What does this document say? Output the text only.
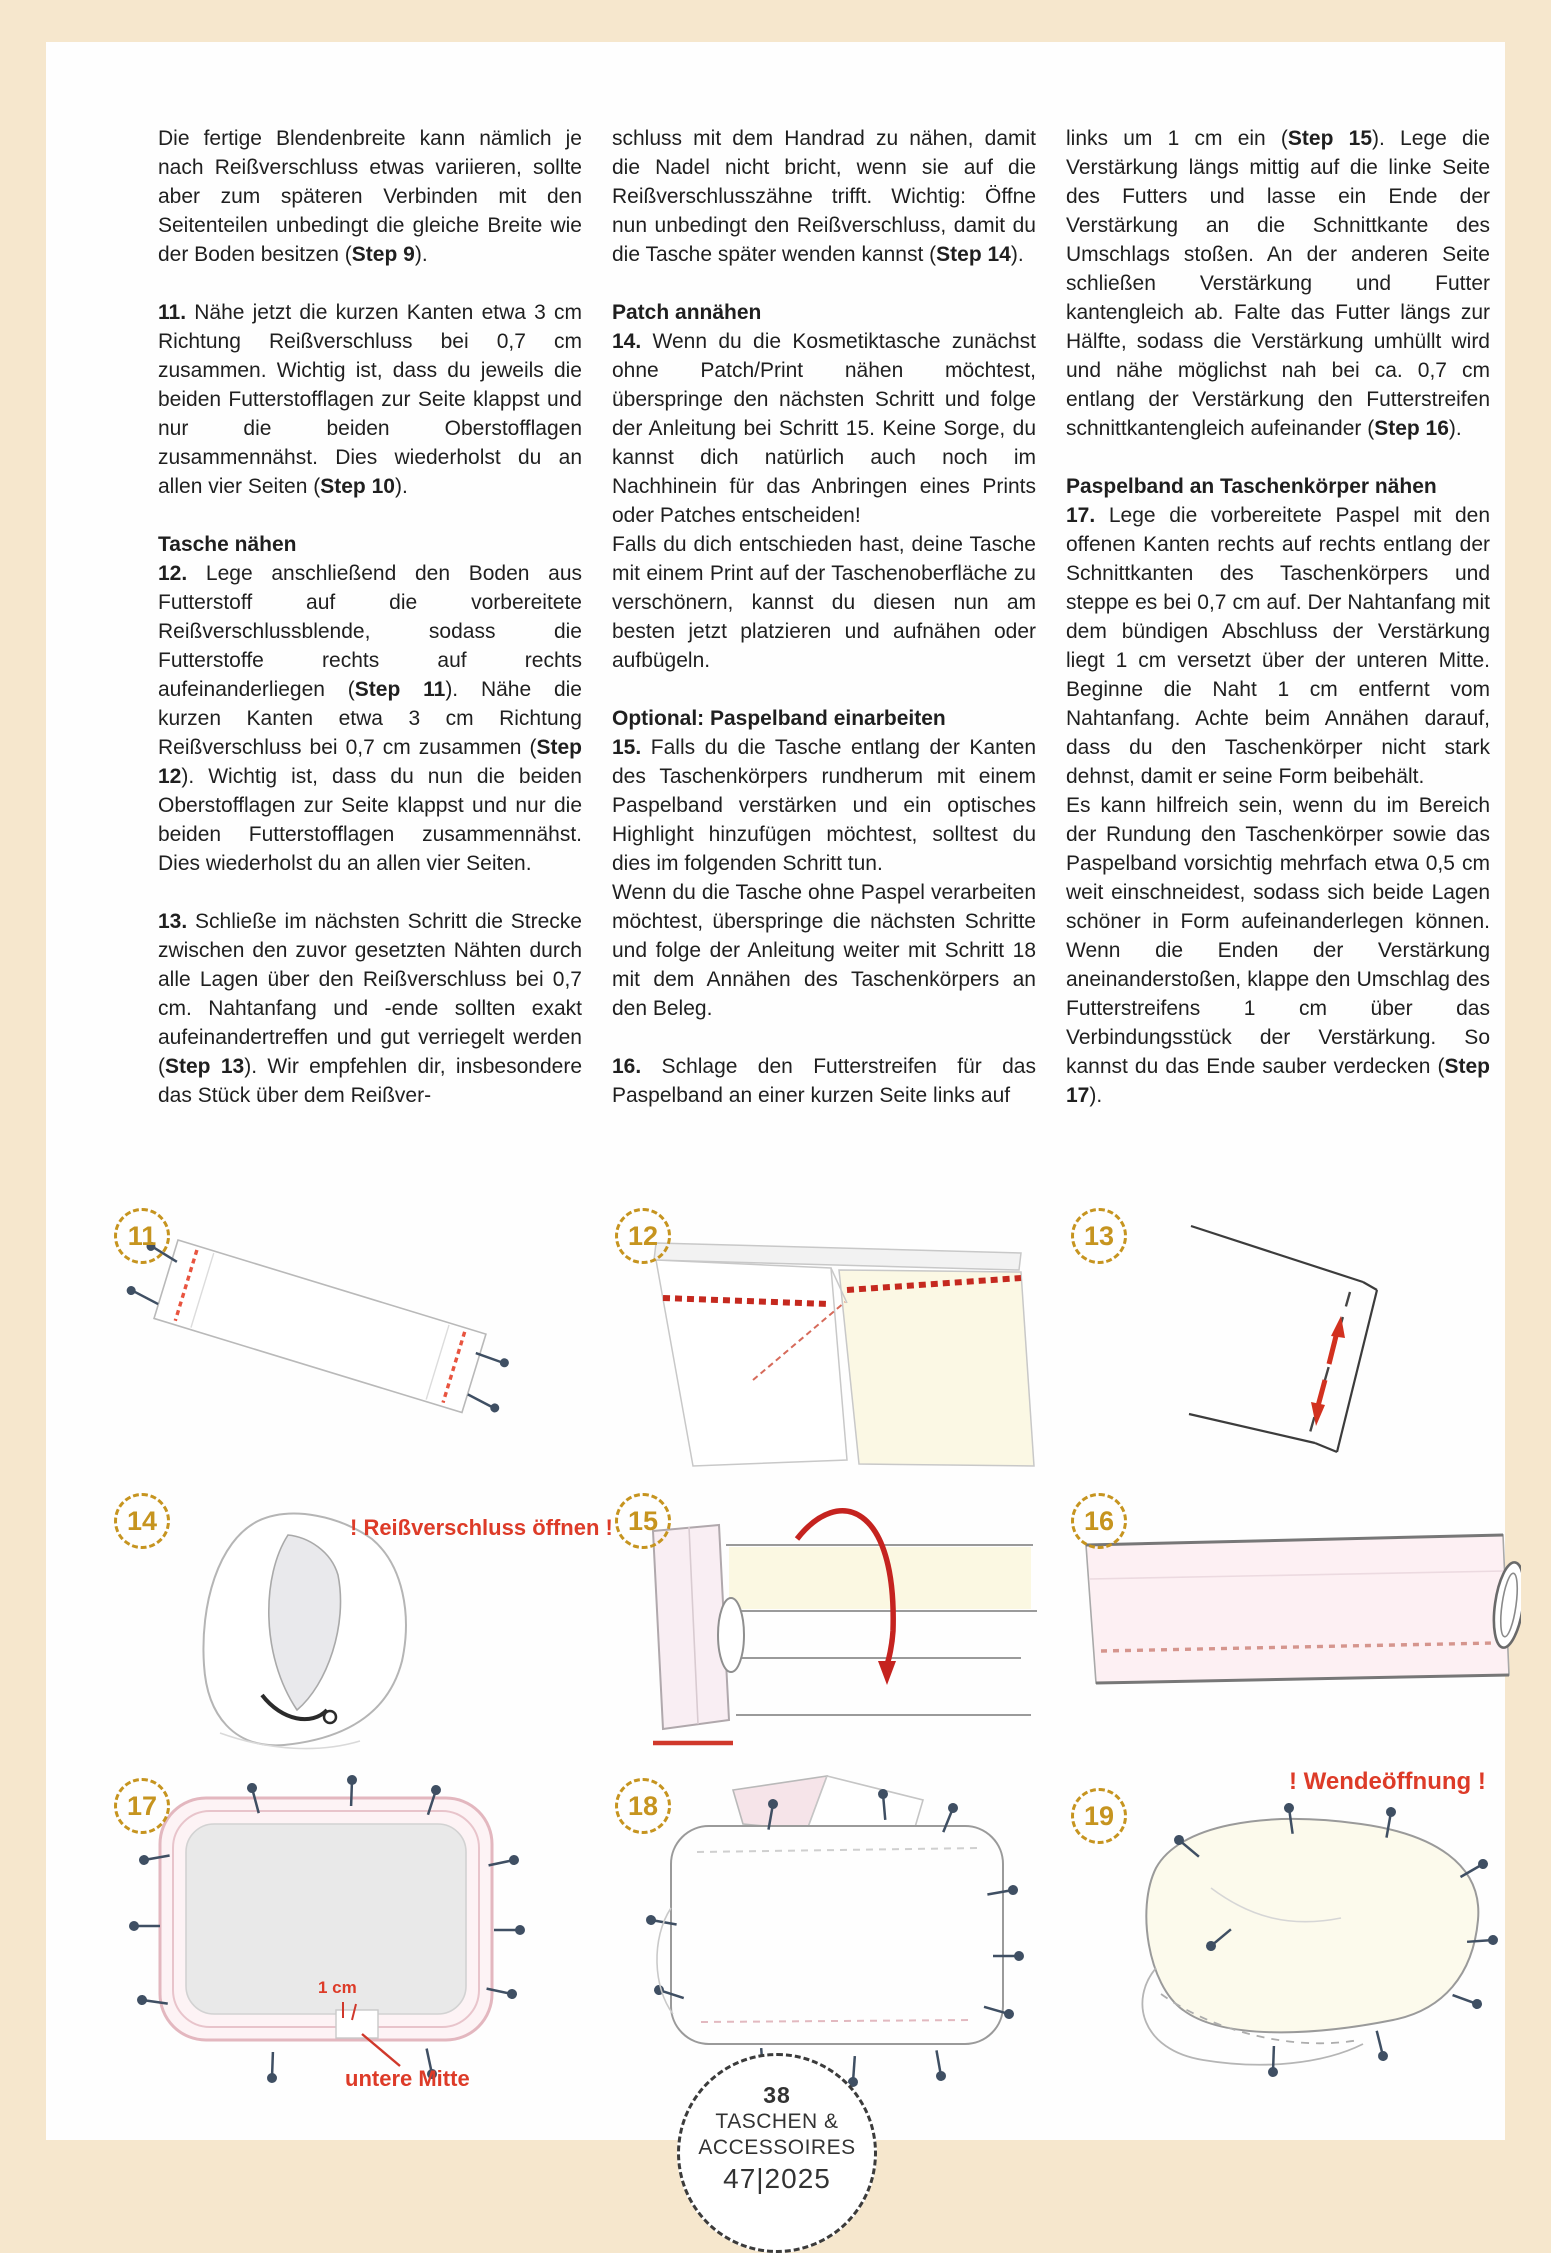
Die fertige Blendenbreite kann nämlich je nach Reißverschluss etwas variieren, sollte aber zum späteren Verbinden mit den Seitenteilen unbedingt die gleiche Breite wie der Boden besitzen (Step 9).

11. Nähe jetzt die kurzen Kanten etwa 3 cm Richtung Reißverschluss bei 0,7 cm zusammen. Wichtig ist, dass du jeweils die beiden Futterstofflagen zur Seite klappst und nur die beiden Oberstofflagen zusammennähst. Dies wiederholst du an allen vier Seiten (Step 10).

Tasche nähen

12. Lege anschließend den Boden aus Futterstoff auf die vorbereitete Reißverschlussblende, sodass die Futterstoffe rechts auf rechts aufeinanderliegen (Step 11). Nähe die kurzen Kanten etwa 3 cm Richtung Reißverschluss bei 0,7 cm zusammen (Step 12). Wichtig ist, dass du nun die beiden Oberstofflagen zur Seite klappst und nur die beiden Futterstofflagen zusammennähst. Dies wiederholst du an allen vier Seiten.

13. Schließe im nächsten Schritt die Strecke zwischen den zuvor gesetzten Nähten durch alle Lagen über den Reißverschluss bei 0,7 cm. Nahtanfang und -ende sollten exakt aufeinandertreffen und gut verriegelt werden (Step 13). Wir empfehlen dir, insbesondere das Stück über dem Reißver-

schluss mit dem Handrad zu nähen, damit die Nadel nicht bricht, wenn sie auf die Reißverschlusszähne trifft. Wichtig: Öffne nun unbedingt den Reißverschluss, damit du die Tasche später wenden kannst (Step 14).

Patch annähen

14. Wenn du die Kosmetiktasche zunächst ohne Patch/Print nähen möchtest, überspringe den nächsten Schritt und folge der Anleitung bei Schritt 15. Keine Sorge, du kannst dich natürlich auch noch im Nachhinein für das Anbringen eines Prints oder Patches entscheiden!
Falls du dich entschieden hast, deine Tasche mit einem Print auf der Taschenoberfläche zu verschönern, kannst du diesen nun am besten jetzt platzieren und aufnähen oder aufbügeln.

Optional: Paspelband einarbeiten

15. Falls du die Tasche entlang der Kanten des Taschenkörpers rundherum mit einem Paspelband verstärken und ein optisches Highlight hinzufügen möchtest, solltest du dies im folgenden Schritt tun.
Wenn du die Tasche ohne Paspel verarbeiten möchtest, überspringe die nächsten Schritte und folge der Anleitung weiter mit Schritt 18 mit dem Annähen des Taschenkörpers an den Beleg.

16. Schlage den Futterstreifen für das Paspelband an einer kurzen Seite links auf

links um 1 cm ein (Step 15). Lege die Verstärkung längs mittig auf die linke Seite des Futters und lasse ein Ende der Verstärkung an die Schnittkante des Umschlags stoßen. An der anderen Seite schließen Verstärkung und Futter kantengleich ab. Falte das Futter längs zur Hälfte, sodass die Verstärkung umhüllt wird und nähe möglichst nah bei ca. 0,7 cm entlang der Verstärkung den Futterstreifen schnittkantengleich aufeinander (Step 16).

Paspelband an Taschenkörper nähen

17. Lege die vorbereitete Paspel mit den offenen Kanten rechts auf rechts entlang der Schnittkanten des Taschenkörpers und steppe es bei 0,7 cm auf. Der Nahtanfang mit dem bündigen Abschluss der Verstärkung liegt 1 cm versetzt über der unteren Mitte. Beginne die Naht 1 cm entfernt vom Nahtanfang. Achte beim Annähen darauf, dass du den Taschenkörper nicht stark dehnst, damit er seine Form beibehält.
Es kann hilfreich sein, wenn du im Bereich der Rundung den Taschenkörper sowie das Paspelband vorsichtig mehrfach etwa 0,5 cm weit einschneidest, sodass sich beide Lagen schöner in Form aufeinanderlegen können. Wenn die Enden der Verstärkung aneinanderstoßen, klappe den Umschlag des Futterstreifens 1 cm über das Verbindungsstück der Verstärkung. So kannst du das Ende sauber verdecken (Step 17).

11	12	13
14	! Reißverschluss öffnen ! 15	16
17
1 cm
untere Mitte
18	19
! Wendeöffnung !
38
TASCHEN &
ACCESSOIRES
47|2025
